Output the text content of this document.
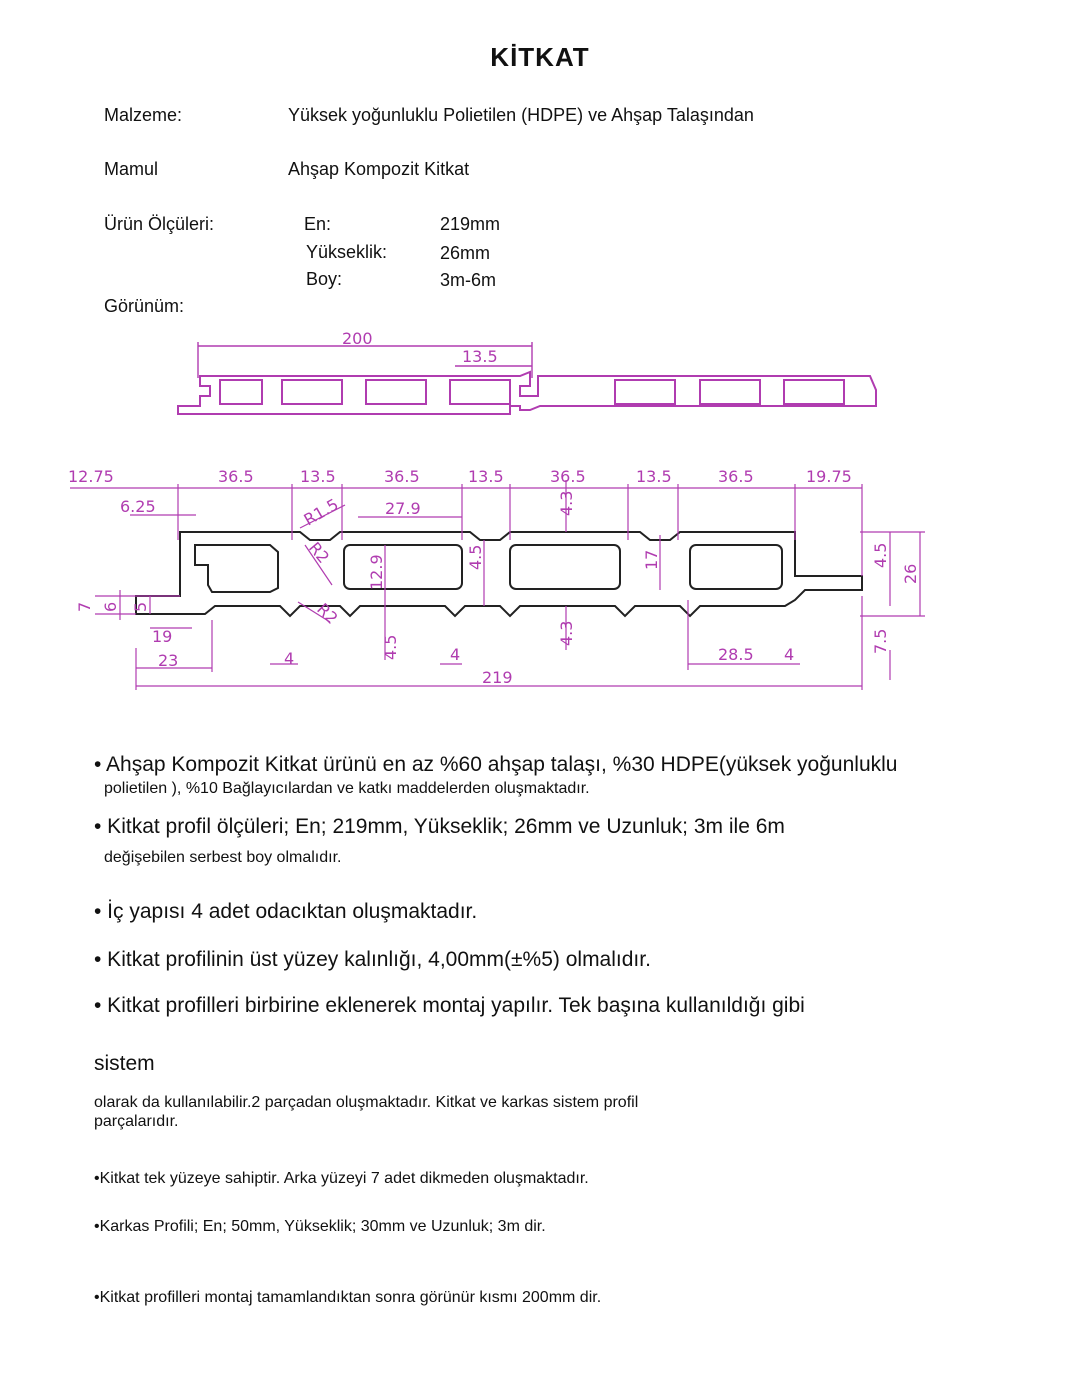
KİTKAT
Malzeme:	Yüksek yoğunluklu Polietilen (HDPE) ve Ahşap Talaşından
Mamul	Ahşap Kompozit Kitkat
Ürün Ölçüleri:	En:	219mm
Yükseklik:	26mm
Boy:	3m-6m
Görünüm:
200
13.5
12.75	36.5	13.5	36.5	13.5	36.5	13.5	36.5	19.75
6.25	R1.5	27.9
R2
12.9	4.5
4.3
17	4.5
26
7 6 5
19
R2
23	4	4.5	4
4.3
28.5 4
7.5
219
• Ahşap Kompozit Kitkat ürünü en az %60 ahşap talaşı, %30 HDPE(yüksek yoğunluklu
polietilen ), %10 Bağlayıcılardan ve katkı maddelerden oluşmaktadır.
• Kitkat profil ölçüleri; En; 219mm, Yükseklik; 26mm ve Uzunluk; 3m ile 6m
değişebilen serbest boy olmalıdır.
• İç yapısı 4 adet odacıktan oluşmaktadır.
• Kitkat profilinin üst yüzey kalınlığı, 4,00mm(±%5) olmalıdır.
• Kitkat profilleri birbirine eklenerek montaj yapılır. Tek başına kullanıldığı gibi
sistem
olarak da kullanılabilir.2 parçadan oluşmaktadır. Kitkat ve karkas sistem profil
parçalarıdır.
•Kitkat tek yüzeye sahiptir. Arka yüzeyi 7 adet dikmeden oluşmaktadır.
•Karkas Profili; En; 50mm, Yükseklik; 30mm ve Uzunluk; 3m dir.
•Kitkat profilleri montaj tamamlandıktan sonra görünür kısmı 200mm dir.
